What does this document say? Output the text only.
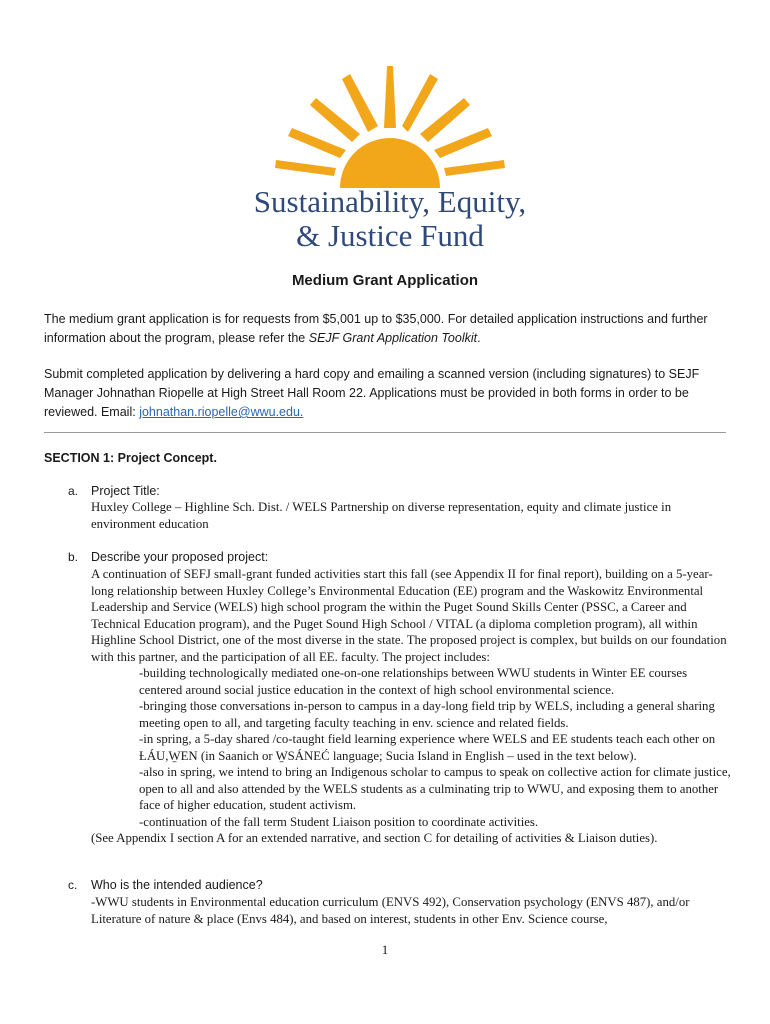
Sustainability, Equity,
& Justice Fund
Medium Grant Application
The medium grant application is for requests from $5,001 up to $35,000. For detailed application instructions and further information about the program, please refer the SEJF Grant Application Toolkit.
Submit completed application by delivering a hard copy and emailing a scanned version (including signatures) to SEJF Manager Johnathan Riopelle at High Street Hall Room 22. Applications must be provided in both forms in order to be reviewed. Email: johnathan.riopelle@wwu.edu.
SECTION 1: Project Concept.
a. Project Title:
Huxley College – Highline Sch. Dist. / WELS Partnership on diverse representation, equity and climate justice in environment education
b. Describe your proposed project:
A continuation of SEFJ small-grant funded activities start this fall (see Appendix II for final report), building on a 5-year-long relationship between Huxley College’s Environmental Education (EE) program and the Waskowitz Environmental Leadership and Service (WELS) high school program the within the Puget Sound Skills Center (PSSC, a Career and Technical Education program), and the Puget Sound High School / VITAL (a diploma completion program), all within Highline School District, one of the most diverse in the state. The proposed project is complex, but builds on our foundation with this partner, and the participation of all EE. faculty. The project includes:
-building technologically mediated one-on-one relationships between WWU students in Winter EE courses centered around social justice education in the context of high school environmental science.
-bringing those conversations in-person to campus in a day-long field trip by WELS, including a general sharing meeting open to all, and targeting faculty teaching in env. science and related fields.
-in spring, a 5-day shared /co-taught field learning experience where WELS and EE students teach each other on ȽÁU,W̱EN (in Saanich or W̱SÁNEĆ language; Sucia Island in English – used in the text below).
-also in spring, we intend to bring an Indigenous scholar to campus to speak on collective action for climate justice, open to all and also attended by the WELS students as a culminating trip to WWU, and exposing them to another face of higher education, student activism.
-continuation of the fall term Student Liaison position to coordinate activities.
(See Appendix I section A for an extended narrative, and section C for detailing of activities & Liaison duties).
c. Who is the intended audience?
-WWU students in Environmental education curriculum (ENVS 492), Conservation psychology (ENVS 487), and/or Literature of nature & place (Envs 484), and based on interest, students in other Env. Science course,
1
